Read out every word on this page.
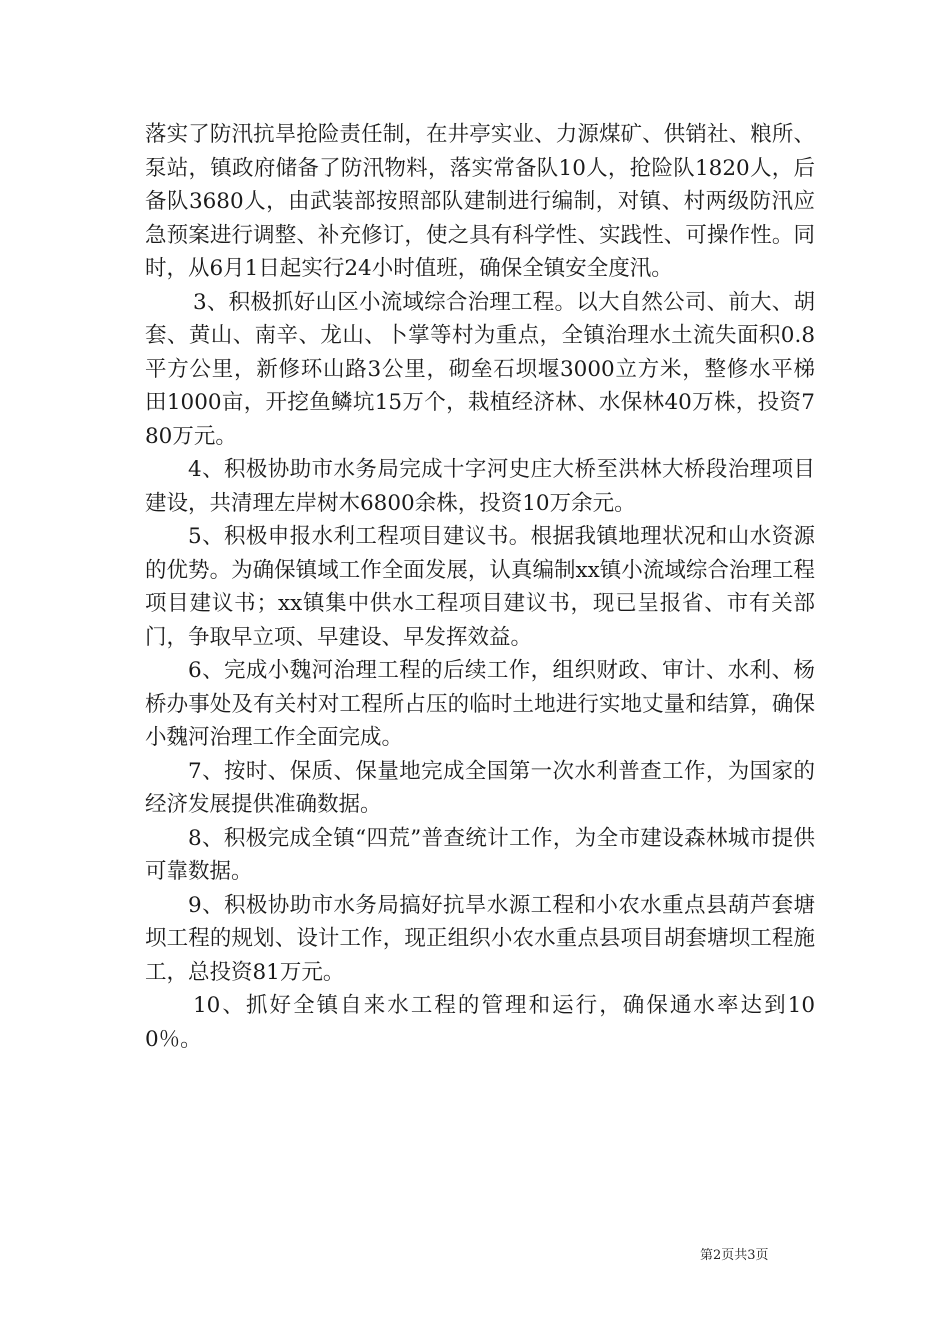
落实了防汛抗旱抢险责任制，在井亭实业、力源煤矿、供销社、粮所、泵站，镇政府储备了防汛物料，落实常备队10人，抢险队1820人，后备队3680人，由武装部按照部队建制进行编制，对镇、村两级防汛应急预案进行调整、补充修订，使之具有科学性、实践性、可操作性。同时，从6月1日起实行24小时值班，确保全镇安全度汛。

3、积极抓好山区小流域综合治理工程。以大自然公司、前大、胡套、黄山、南辛、龙山、卜掌等村为重点，全镇治理水土流失面积0.8平方公里，新修环山路3公里，砌垒石坝堰3000立方米，整修水平梯田1000亩，开挖鱼鳞坑15万个，栽植经济林、水保林40万株，投资780万元。

4、积极协助市水务局完成十字河史庄大桥至洪林大桥段治理项目建设，共清理左岸树木6800余株，投资10万余元。

5、积极申报水利工程项目建议书。根据我镇地理状况和山水资源的优势。为确保镇域工作全面发展，认真编制xx镇小流域综合治理工程项目建议书；xx镇集中供水工程项目建议书，现已呈报省、市有关部门，争取早立项、早建设、早发挥效益。

6、完成小魏河治理工程的后续工作，组织财政、审计、水利、杨桥办事处及有关村对工程所占压的临时土地进行实地丈量和结算，确保小魏河治理工作全面完成。

7、按时、保质、保量地完成全国第一次水利普查工作，为国家的经济发展提供准确数据。

8、积极完成全镇“四荒”普查统计工作，为全市建设森林城市提供可靠数据。

9、积极协助市水务局搞好抗旱水源工程和小农水重点县葫芦套塘坝工程的规划、设计工作，现正组织小农水重点县项目胡套塘坝工程施工，总投资81万元。

10、抓好全镇自来水工程的管理和运行，确保通水率达到100％。

第2页共3页
